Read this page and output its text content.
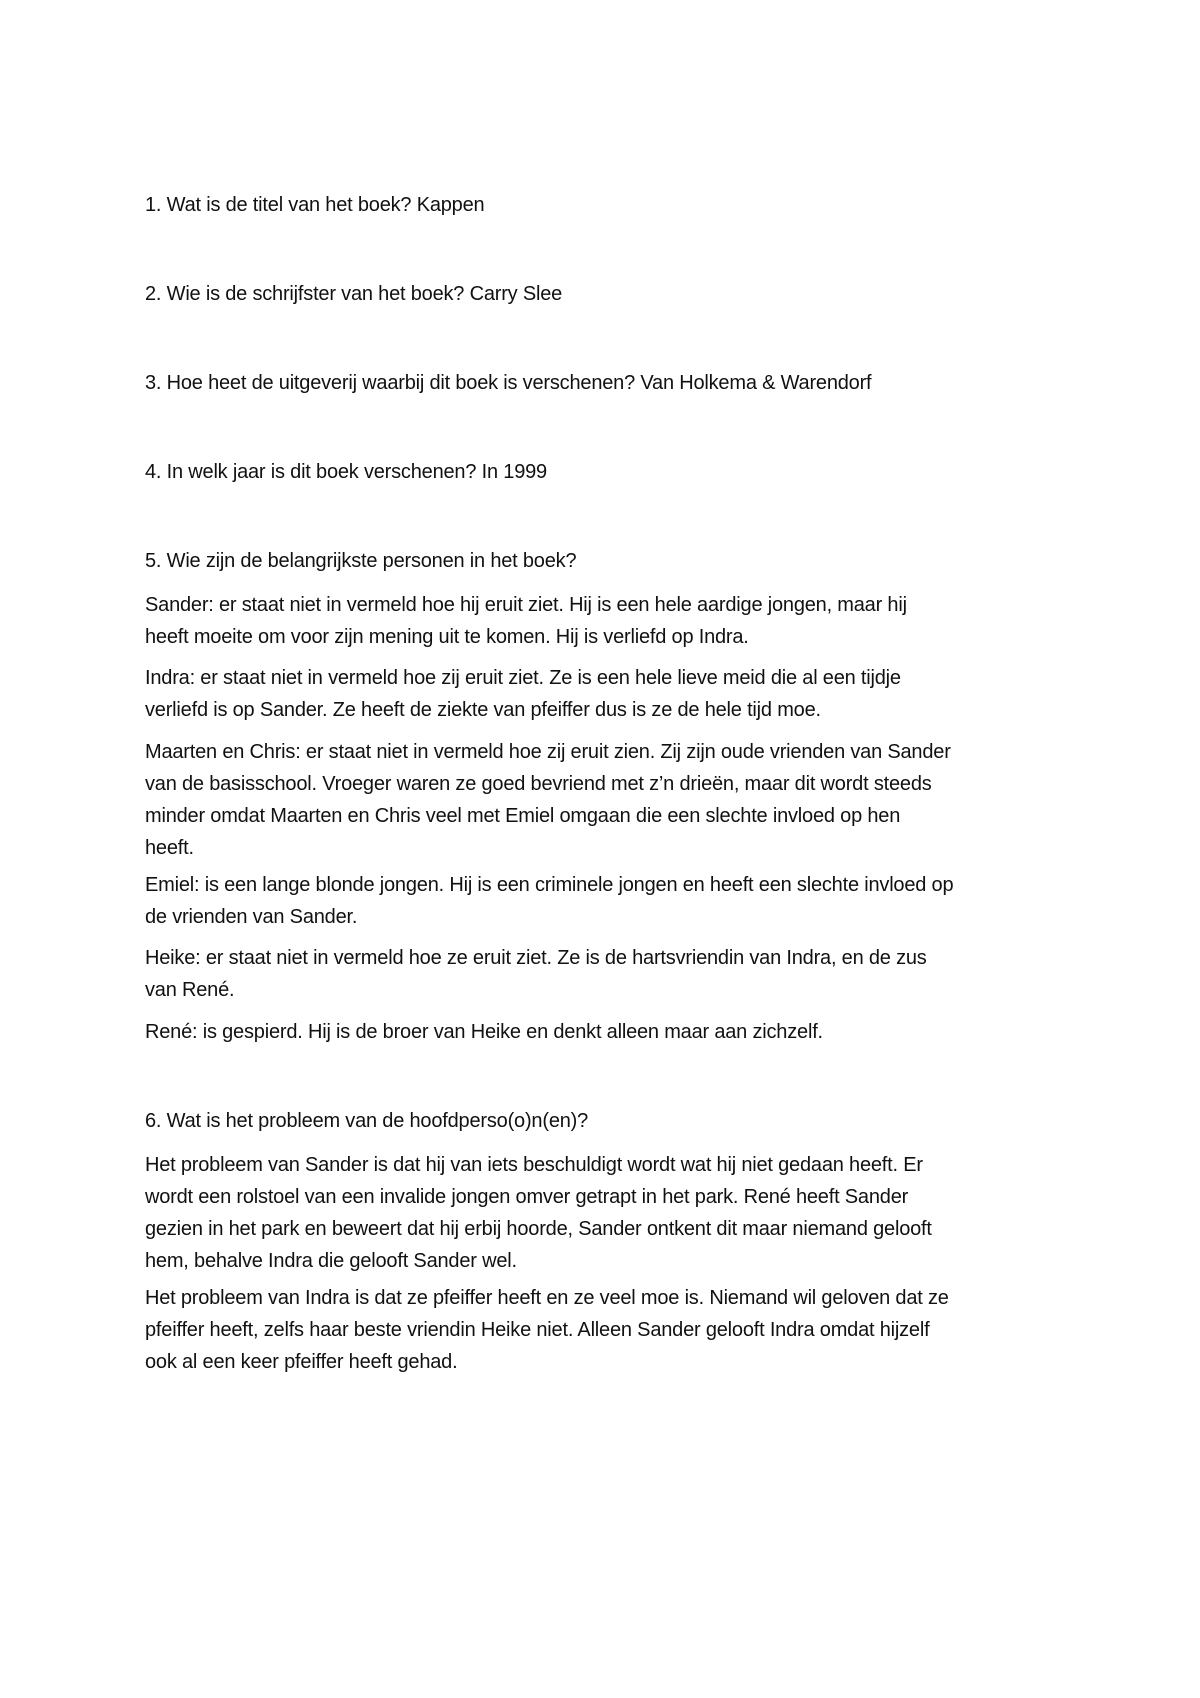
1. Wat is de titel van het boek? Kappen
2. Wie is de schrijfster van het boek? Carry Slee
3. Hoe heet de uitgeverij waarbij dit boek is verschenen? Van Holkema & Warendorf
4. In welk jaar is dit boek verschenen? In 1999
5. Wie zijn de belangrijkste personen in het boek?
Sander: er staat niet in vermeld hoe hij eruit ziet. Hij is een hele aardige jongen, maar hij
heeft moeite om voor zijn mening uit te komen. Hij is verliefd op Indra.
Indra: er staat niet in vermeld hoe zij eruit ziet. Ze is een hele lieve meid die al een tijdje
verliefd is op Sander. Ze heeft de ziekte van pfeiffer dus is ze de hele tijd moe.
Maarten en Chris: er staat niet in vermeld hoe zij eruit zien. Zij zijn oude vrienden van Sander
van de basisschool. Vroeger waren ze goed bevriend met z’n drieën, maar dit wordt steeds
minder omdat Maarten en Chris veel met Emiel omgaan die een slechte invloed op hen
heeft.
Emiel: is een lange blonde jongen. Hij is een criminele jongen en heeft een slechte invloed op
de vrienden van Sander.
Heike: er staat niet in vermeld hoe ze eruit ziet. Ze is de hartsvriendin van Indra, en de zus
van René.
René: is gespierd. Hij is de broer van Heike en denkt alleen maar aan zichzelf.
6. Wat is het probleem van de hoofdperso(o)n(en)?
Het probleem van Sander is dat hij van iets beschuldigt wordt wat hij niet gedaan heeft. Er
wordt een rolstoel van een invalide jongen omver getrapt in het park. René heeft Sander
gezien in het park en beweert dat hij erbij hoorde, Sander ontkent dit maar niemand gelooft
hem, behalve Indra die gelooft Sander wel.
Het probleem van Indra is dat ze pfeiffer heeft en ze veel moe is. Niemand wil geloven dat ze
pfeiffer heeft, zelfs haar beste vriendin Heike niet. Alleen Sander gelooft Indra omdat hijzelf
ook al een keer pfeiffer heeft gehad.
